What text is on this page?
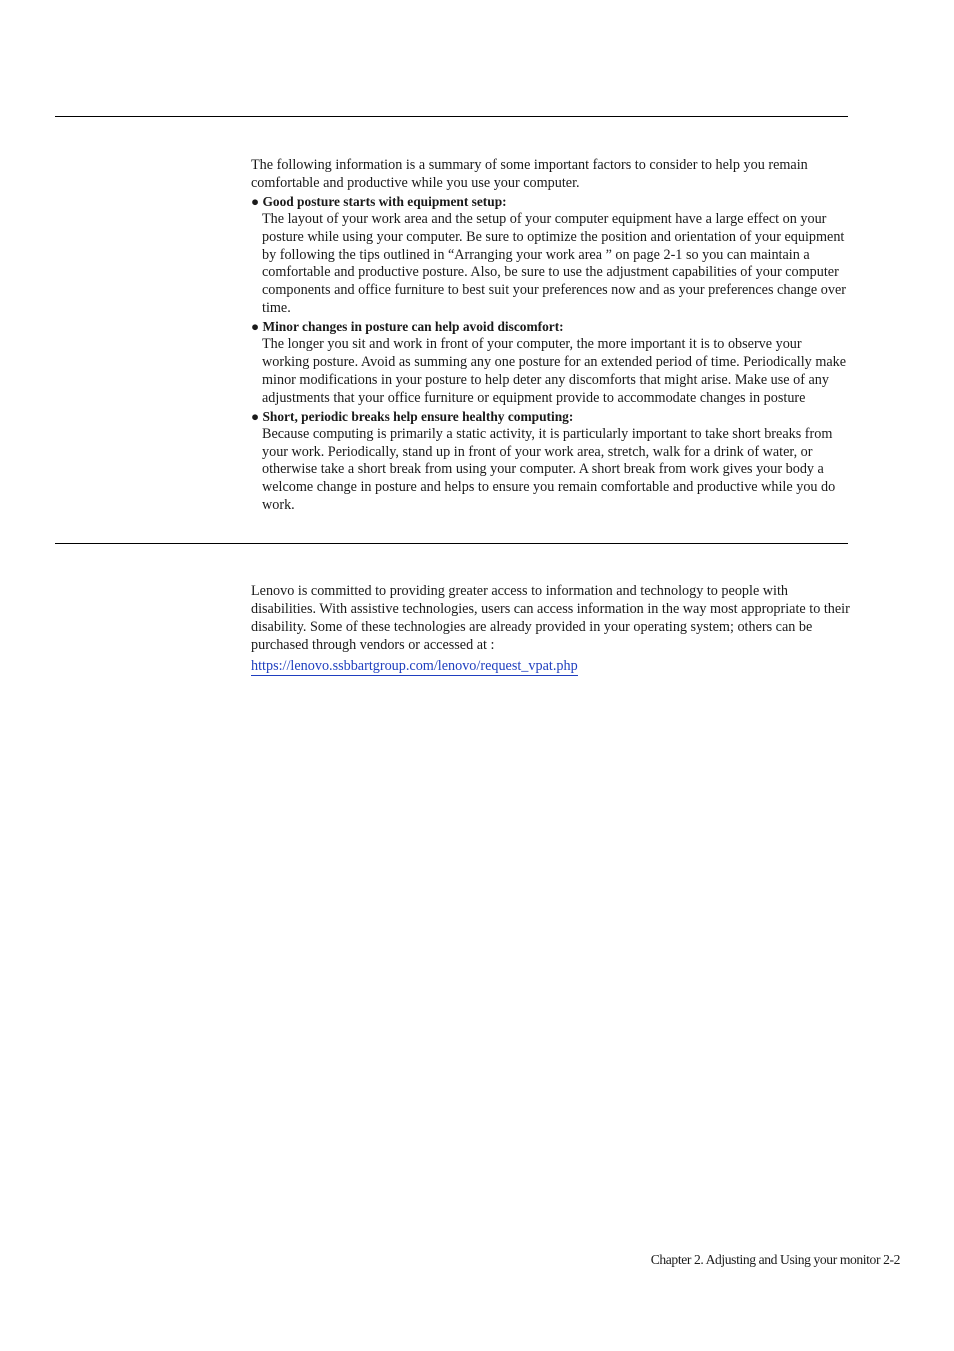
The following information is a summary of some important factors to consider to help you remain comfortable and productive while you use your computer.

● Good posture starts with equipment setup:

The layout of your work area and the setup of your computer equipment have a large effect on your posture while using your computer. Be sure to optimize the position and orientation of your equipment by following the tips outlined in “Arranging your work area ” on page 2-1 so you can maintain a comfortable and productive posture. Also, be sure to use the adjustment capabilities of your computer components and office furniture to best suit your preferences now and as your preferences change over time.

● Minor changes in posture can help avoid discomfort:

The longer you sit and work in front of your computer, the more important it is to observe your working posture. Avoid as summing any one posture for an extended period of time. Periodically make minor modifications in your posture to help deter any discomforts that might arise. Make use of any adjustments that your office furniture or equipment provide to accommodate changes in posture

● Short, periodic breaks help ensure healthy computing:

Because computing is primarily a static activity, it is particularly important to take short breaks from your work. Periodically, stand up in front of your work area, stretch, walk for a drink of water, or otherwise take a short break from using your computer. A short break from work gives your body a welcome change in posture and helps to ensure you remain comfortable and productive while you do work.

Lenovo is committed to providing greater access to information and technology to people with disabilities. With assistive technologies, users can access information in the way most appropriate to their disability. Some of these technologies are already provided in your operating system; others can be purchased through vendors or accessed at :

https://lenovo.ssbbartgroup.com/lenovo/request_vpat.php
Chapter 2. Adjusting and Using your monitor 2-2
